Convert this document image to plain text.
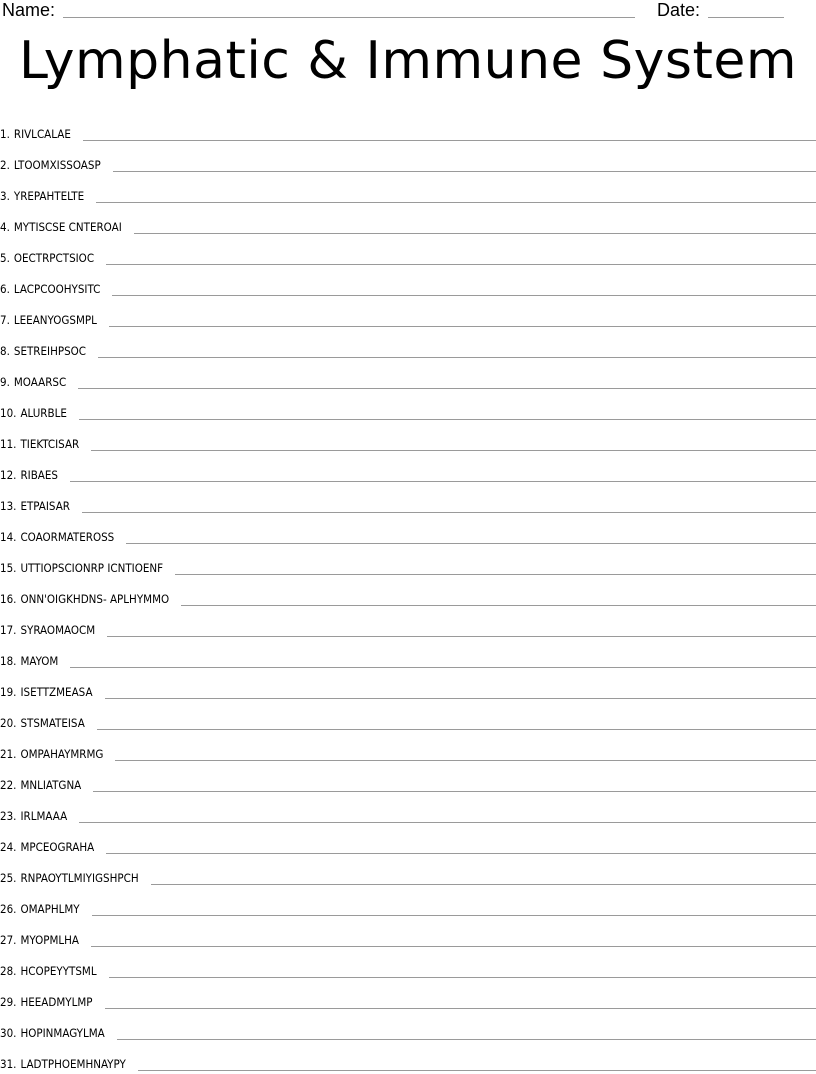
Name:	Date:
Lymphatic & Immune System
1. RIVLCALAE
2. LTOOMXISSOASP
3. YREPAHTELTE
4. MYTISCSE CNTEROAI
5. OECTRPCTSIOC
6. LACPCOOHYSITC
7. LEEANYOGSMPL
8. SETREIHPSOC
9. MOAARSC
10. ALURBLE
11. TIEKTCISAR
12. RIBAES
13. ETPAISAR
14. COAORMATEROSS
15. UTTIOPSCIONRP ICNTIOENF
16. ONN'OIGKHDNS- APLHYMMO
17. SYRAOMAOCM
18. MAYOM
19. ISETTZMEASA
20. STSMATEISA
21. OMPAHAYMRMG
22. MNLIATGNA
23. IRLMAAA
24. MPCEOGRAHA
25. RNPAOYTLMIYIGSHPCH
26. OMAPHLMY
27. MYOPMLHA
28. HCOPEYYTSML
29. HEEADMYLMP
30. HOPINMAGYLMA
31. LADTPHOEMHNAYPY
